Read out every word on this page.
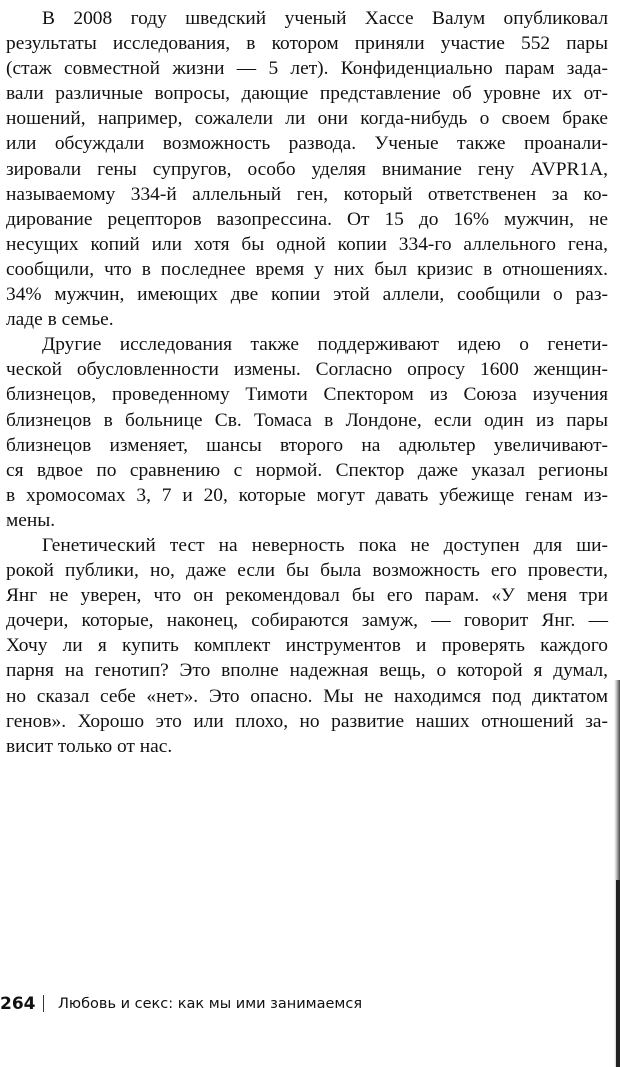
В 2008 году шведский ученый Хассе Валум опубликовал
результаты исследования, в котором приняли участие 552 пары
(стаж совместной жизни — 5 лет). Конфиденциально парам зада-
вали различные вопросы, дающие представление об уровне их от-
ношений, например, сожалели ли они когда-нибудь о своем браке
или обсуждали возможность развода. Ученые также проанали-
зировали гены супругов, особо уделяя внимание гену AVPR1A,
называемому 334-й аллельный ген, который ответственен за ко-
дирование рецепторов вазопрессина. От 15 до 16% мужчин, не
несущих копий или хотя бы одной копии 334-го аллельного гена,
сообщили, что в последнее время у них был кризис в отношениях.
34% мужчин, имеющих две копии этой аллели, сообщили о раз-
ладе в семье.
Другие исследования также поддерживают идею о генети-
ческой обусловленности измены. Согласно опросу 1600 женщин-
близнецов, проведенному Тимоти Спектором из Союза изучения
близнецов в больнице Св. Томаса в Лондоне, если один из пары
близнецов изменяет, шансы второго на адюльтер увеличивают-
ся вдвое по сравнению с нормой. Спектор даже указал регионы
в хромосомах 3, 7 и 20, которые могут давать убежище генам из-
мены.
Генетический тест на неверность пока не доступен для ши-
рокой публики, но, даже если бы была возможность его провести,
Янг не уверен, что он рекомендовал бы его парам. «У меня три
дочери, которые, наконец, собираются замуж, — говорит Янг. —
Хочу ли я купить комплект инструментов и проверять каждого
парня на генотип? Это вполне надежная вещь, о которой я думал,
но сказал себе «нет». Это опасно. Мы не находимся под диктатом
генов». Хорошо это или плохо, но развитие наших отношений за-
висит только от нас.
264 Любовь и секс: как мы ими занимаемся
